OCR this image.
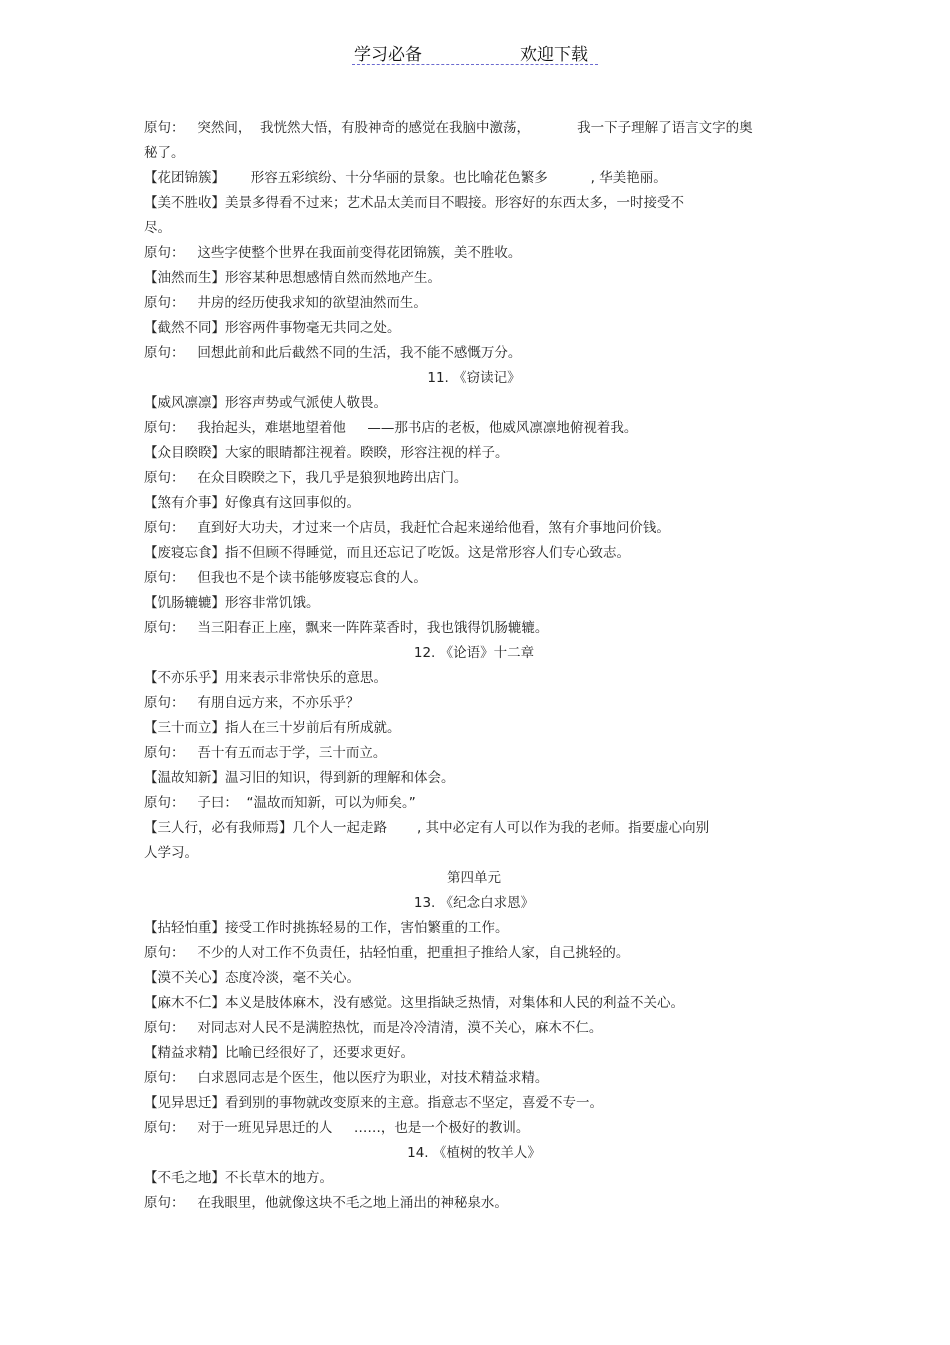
学习必备	欢迎下载
原句：   突然间，  我恍然大悟，有股神奇的感觉在我脑中激荡，           我一下子理解了语言文字的奥
秘了。
【花团锦簇】      形容五彩缤纷、十分华丽的景象。也比喻花色繁多          , 华美艳丽。
【美不胜收】美景多得看不过来；艺术品太美而目不暇接。形容好的东西太多，一时接受不
尽。
原句：   这些字使整个世界在我面前变得花团锦簇，美不胜收。
【油然而生】形容某种思想感情自然而然地产生。
原句：   井房的经历使我求知的欲望油然而生。
【截然不同】形容两件事物毫无共同之处。
原句：   回想此前和此后截然不同的生活，我不能不感慨万分。
11. 《窃读记》
【威风凛凛】形容声势或气派使人敬畏。
原句：   我抬起头，难堪地望着他     ——那书店的老板，他威风凛凛地俯视着我。
【众目睽睽】大家的眼睛都注视着。睽睽，形容注视的样子。
原句：   在众目睽睽之下，我几乎是狼狈地跨出店门。
【煞有介事】好像真有这回事似的。
原句：   直到好大功夫，才过来一个店员，我赶忙合起来递给他看，煞有介事地问价钱。
【废寝忘食】指不但顾不得睡觉，而且还忘记了吃饭。这是常形容人们专心致志。
原句：   但我也不是个读书能够废寝忘食的人。
【饥肠辘辘】形容非常饥饿。
原句：   当三阳春正上座，飘来一阵阵菜香时，我也饿得饥肠辘辘。
12. 《论语》十二章
【不亦乐乎】用来表示非常快乐的意思。
原句：   有朋自远方来，不亦乐乎？
【三十而立】指人在三十岁前后有所成就。
原句：   吾十有五而志于学，三十而立。
【温故知新】温习旧的知识，得到新的理解和体会。
原句：   子曰：  “温故而知新，可以为师矣。”
【三人行，必有我师焉】几个人一起走路       , 其中必定有人可以作为我的老师。指要虚心向别
人学习。
第四单元
13. 《纪念白求恩》
【拈轻怕重】接受工作时挑拣轻易的工作，害怕繁重的工作。
原句：   不少的人对工作不负责任，拈轻怕重，把重担子推给人家，自己挑轻的。
【漠不关心】态度冷淡，毫不关心。
【麻木不仁】本义是肢体麻木，没有感觉。这里指缺乏热情，对集体和人民的利益不关心。
原句：   对同志对人民不是满腔热忱，而是冷冷清清，漠不关心，麻木不仁。
【精益求精】比喻已经很好了，还要求更好。
原句：   白求恩同志是个医生，他以医疗为职业，对技术精益求精。
【见异思迁】看到别的事物就改变原来的主意。指意志不坚定，喜爱不专一。
原句：   对于一班见异思迁的人     ……，也是一个极好的教训。
14. 《植树的牧羊人》
【不毛之地】不长草木的地方。
原句：   在我眼里，他就像这块不毛之地上涌出的神秘泉水。
